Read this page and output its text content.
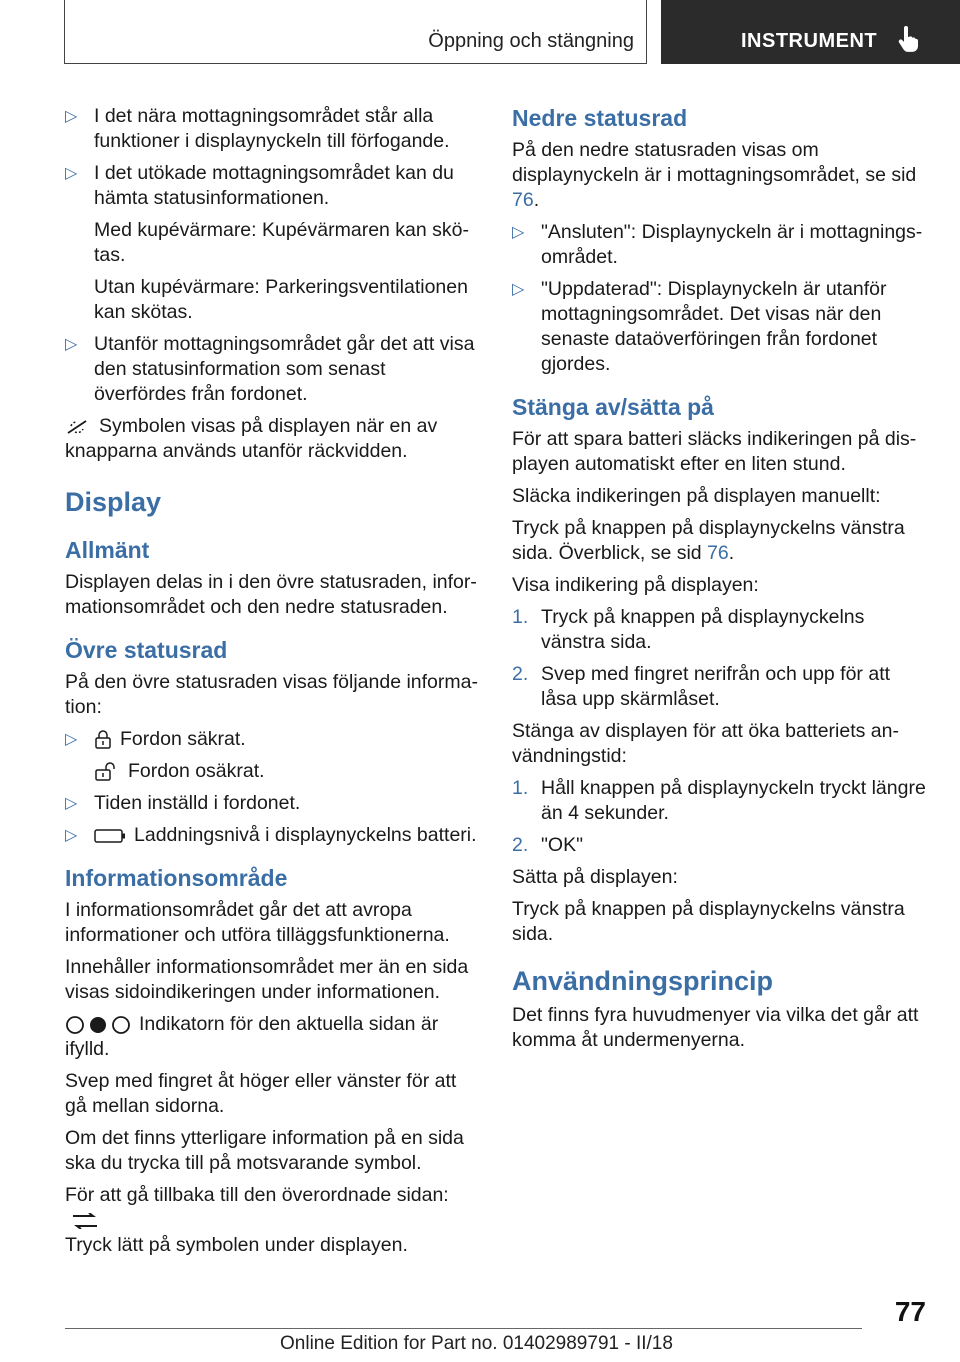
Öppning och stängning	INSTRUMENT
▷ I det nära mottagningsområdet står alla funktioner i displaynyckeln till förfogande.
▷ I det utökade mottagningsområdet kan du hämta statusinformationen.
Med kupévärmare: Kupévärmaren kan skötas.
Utan kupévärmare: Parkeringsventilationen kan skötas.
▷ Utanför mottagningsområdet går det att visa den statusinformation som senast överfördes från fordonet.
Symbolen visas på displayen när en av knapparna används utanför räckvidden.
Display
Allmänt
Displayen delas in i den övre statusraden, informationsområdet och den nedre statusraden.
Övre statusrad
På den övre statusraden visas följande information:
▷ Fordon säkrat.
Fordon osäkrat.
▷ Tiden inställd i fordonet.
▷	Laddningsnivå i displaynyckelns batteri.
Informationsområde
I informationsområdet går det att avropa informationer och utföra tilläggsfunktionerna.
Innehåller informationsområdet mer än en sida visas sidoindikeringen under informationen.
Indikatorn för den aktuella sidan är ifylld.
Svep med fingret åt höger eller vänster för att gå mellan sidorna.
Om det finns ytterligare information på en sida ska du trycka till på motsvarande symbol.
För att gå tillbaka till den överordnade sidan:
Tryck lätt på symbolen under displayen.
Nedre statusrad
På den nedre statusraden visas om displaynyckeln är i mottagningsområdet, se sid 76.
▷ "Ansluten": Displaynyckeln är i mottagningsområdet.
▷ "Uppdaterad": Displaynyckeln är utanför mottagningsområdet. Det visas när den senaste dataöverföringen från fordonet gjordes.
Stänga av/sätta på
För att spara batteri släcks indikeringen på displayen automatiskt efter en liten stund.
Släcka indikeringen på displayen manuellt:
Tryck på knappen på displaynyckelns vänstra sida. Överblick, se sid 76.
Visa indikering på displayen:
1. Tryck på knappen på displaynyckelns vänstra sida.
2. Svep med fingret nerifrån och upp för att låsa upp skärmlåset.
Stänga av displayen för att öka batteriets användningstid:
1. Håll knappen på displaynyckeln tryckt längre än 4 sekunder.
2. "OK"
Sätta på displayen:
Tryck på knappen på displaynyckelns vänstra sida.
Användningsprincip
Det finns fyra huvudmenyer via vilka det går att komma åt undermenyerna.
77
Online Edition for Part no. 01402989791 - II/18
